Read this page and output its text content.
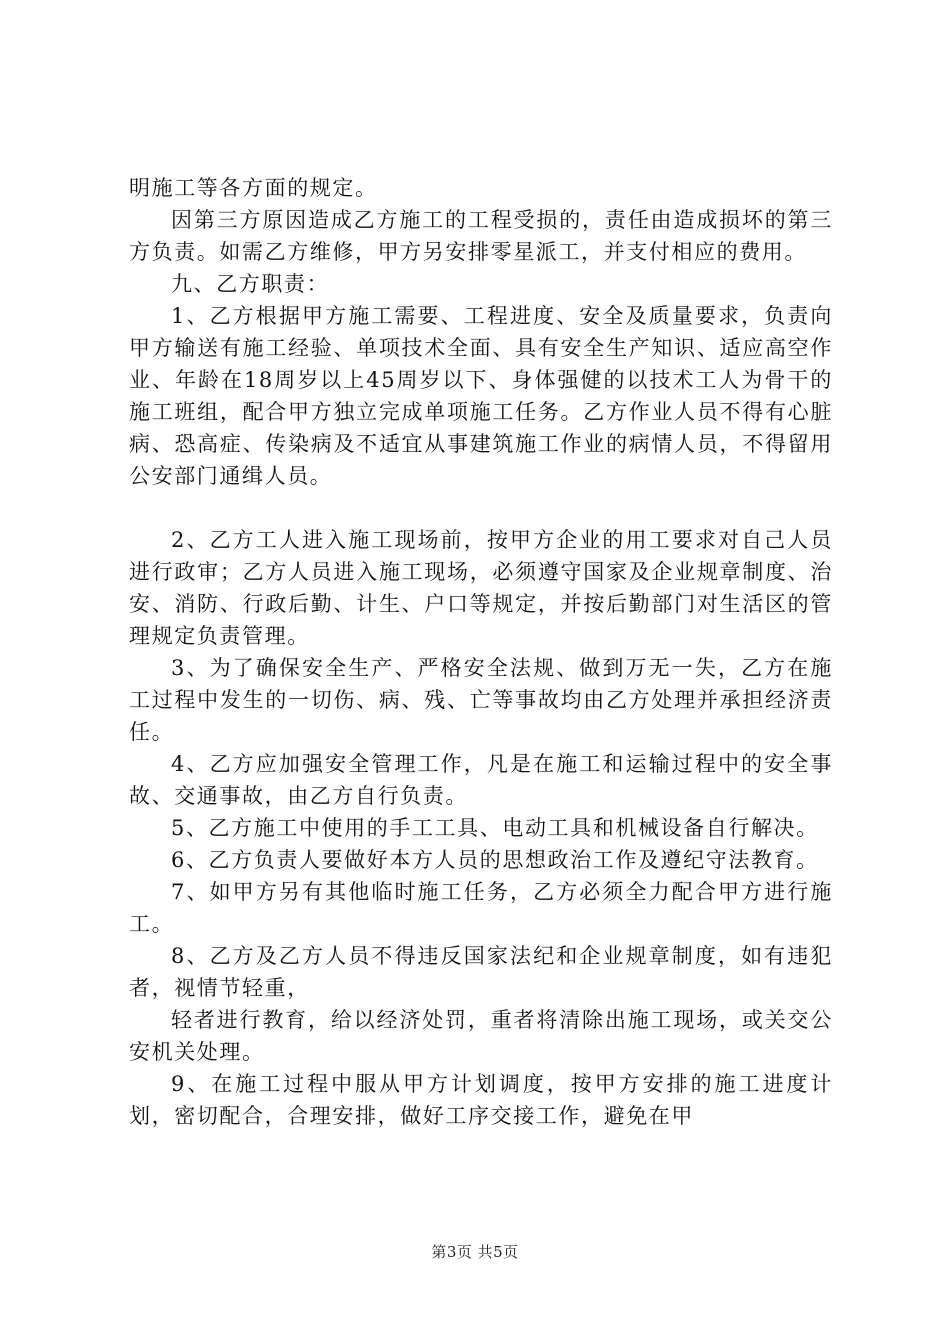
明施工等各方面的规定。

因第三方原因造成乙方施工的工程受损的，责任由造成损坏的第三方负责。如需乙方维修，甲方另安排零星派工，并支付相应的费用。

九、乙方职责：

1、乙方根据甲方施工需要、工程进度、安全及质量要求，负责向甲方输送有施工经验、单项技术全面、具有安全生产知识、适应高空作业、年龄在18周岁以上45周岁以下、身体强健的以技术工人为骨干的施工班组，配合甲方独立完成单项施工任务。乙方作业人员不得有心脏病、恐高症、传染病及不适宜从事建筑施工作业的病情人员，不得留用公安部门通缉人员。

2、乙方工人进入施工现场前，按甲方企业的用工要求对自己人员进行政审；乙方人员进入施工现场，必须遵守国家及企业规章制度、治安、消防、行政后勤、计生、户口等规定，并按后勤部门对生活区的管理规定负责管理。

3、为了确保安全生产、严格安全法规、做到万无一失，乙方在施工过程中发生的一切伤、病、残、亡等事故均由乙方处理并承担经济责任。

4、乙方应加强安全管理工作，凡是在施工和运输过程中的安全事故、交通事故，由乙方自行负责。

5、乙方施工中使用的手工工具、电动工具和机械设备自行解决。

6、乙方负责人要做好本方人员的思想政治工作及遵纪守法教育。

7、如甲方另有其他临时施工任务，乙方必须全力配合甲方进行施工。

8、乙方及乙方人员不得违反国家法纪和企业规章制度，如有违犯者，视情节轻重，

轻者进行教育，给以经济处罚，重者将清除出施工现场，或关交公安机关处理。

9、在施工过程中服从甲方计划调度，按甲方安排的施工进度计划，密切配合，合理安排，做好工序交接工作，避免在甲

第3页 共5页
